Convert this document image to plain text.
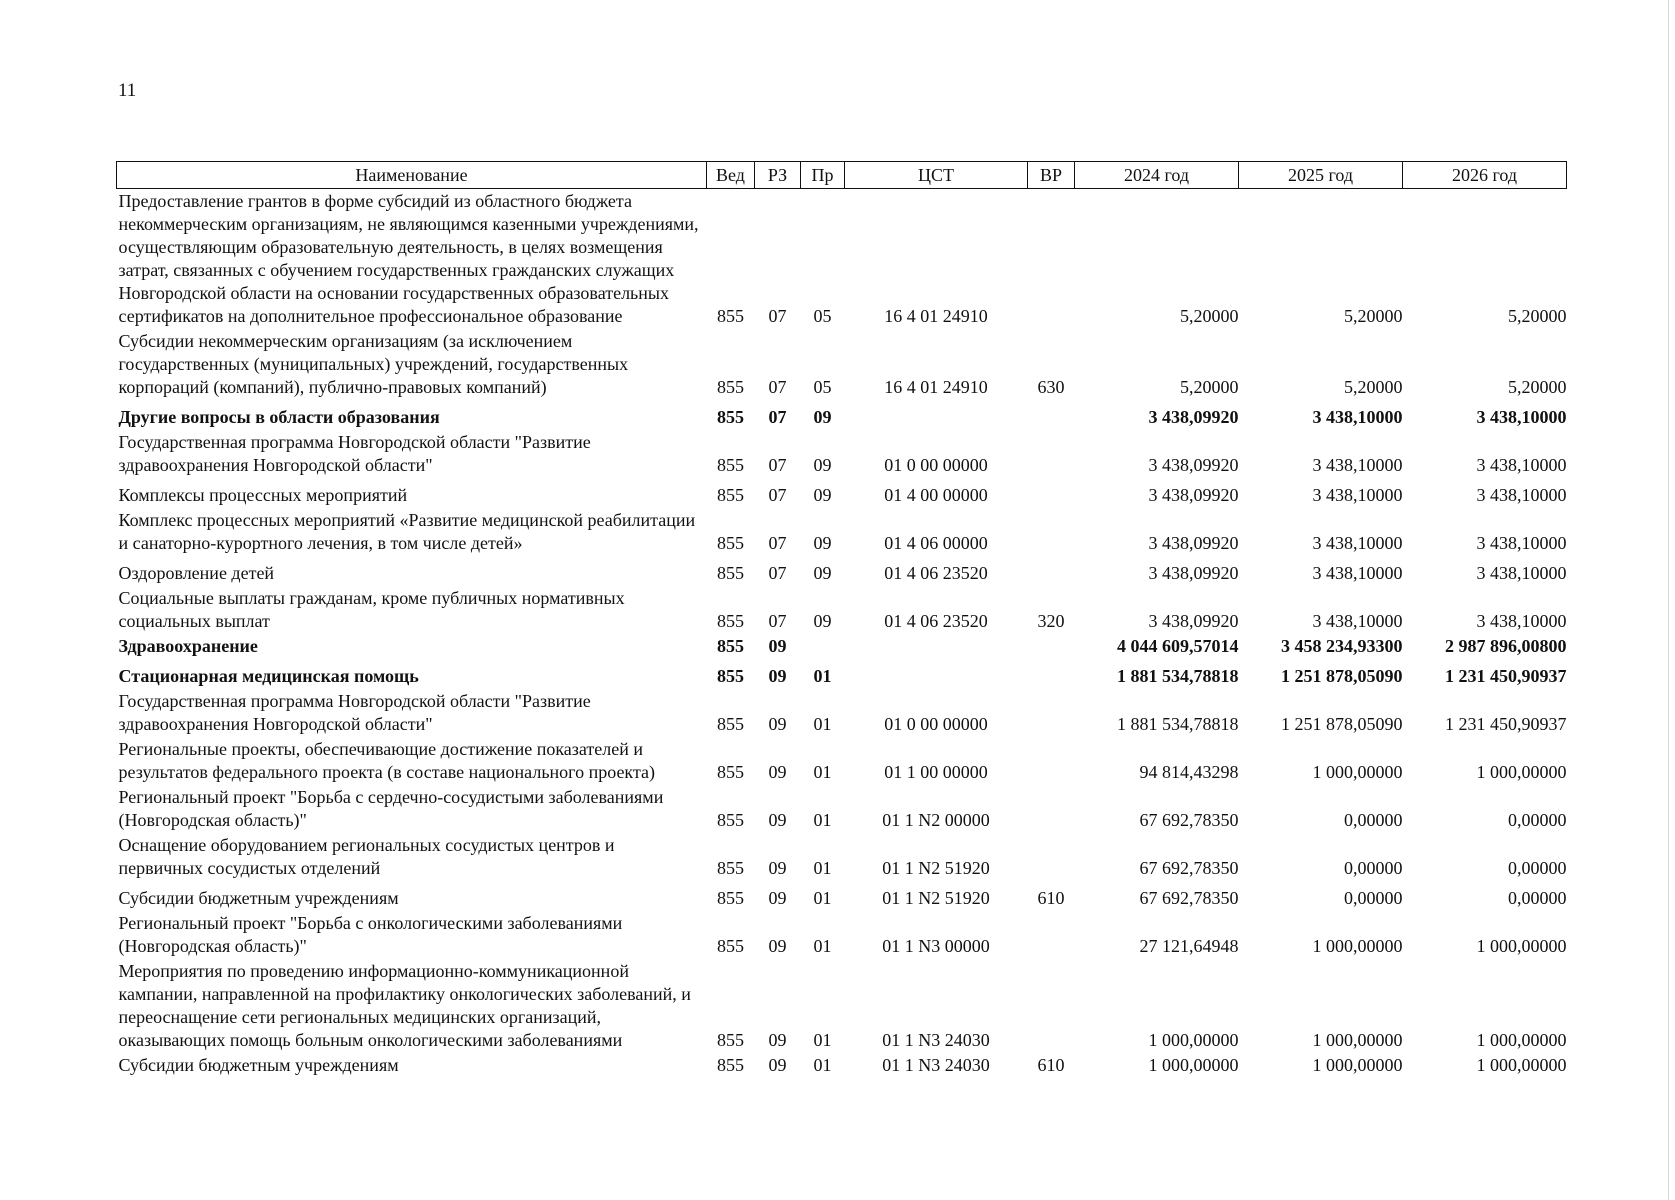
11
Наименование	Вед	РЗ	Пр	ЦСТ	ВР	2024 год	2025 год	2026 год
Предоставление грантов в форме субсидий из областного бюджета некоммерческим организациям, не являющимся казенными учреждениями, осуществляющим образовательную деятельность, в целях возмещения затрат, связанных с обучением государственных гражданских служащих Новгородской области на основании государственных образовательных сертификатов на дополнительное профессиональное образование	855	07	05	16 4 01 24910		5,20000	5,20000	5,20000
Субсидии некоммерческим организациям (за исключением государственных (муниципальных) учреждений, государственных корпораций (компаний), публично-правовых компаний)	855	07	05	16 4 01 24910	630	5,20000	5,20000	5,20000
Другие вопросы в области образования	855	07	09			3 438,09920	3 438,10000	3 438,10000
Государственная программа Новгородской области "Развитие здравоохранения Новгородской области"	855	07	09	01 0 00 00000		3 438,09920	3 438,10000	3 438,10000
Комплексы процессных мероприятий	855	07	09	01 4 00 00000		3 438,09920	3 438,10000	3 438,10000
Комплекс процессных мероприятий «Развитие медицинской реабилитации и санаторно-курортного лечения, в том числе детей»	855	07	09	01 4 06 00000		3 438,09920	3 438,10000	3 438,10000
Оздоровление детей	855	07	09	01 4 06 23520		3 438,09920	3 438,10000	3 438,10000
Социальные выплаты гражданам, кроме публичных нормативных социальных выплат	855	07	09	01 4 06 23520	320	3 438,09920	3 438,10000	3 438,10000
Здравоохранение	855	09				4 044 609,57014	3 458 234,93300	2 987 896,00800
Стационарная медицинская помощь	855	09	01			1 881 534,78818	1 251 878,05090	1 231 450,90937
Государственная программа Новгородской области "Развитие здравоохранения Новгородской области"	855	09	01	01 0 00 00000		1 881 534,78818	1 251 878,05090	1 231 450,90937
Региональные проекты, обеспечивающие достижение показателей и результатов федерального проекта (в составе национального проекта)	855	09	01	01 1 00 00000		94 814,43298	1 000,00000	1 000,00000
Региональный проект "Борьба с сердечно-сосудистыми заболеваниями (Новгородская область)"	855	09	01	01 1 N2 00000		67 692,78350	0,00000	0,00000
Оснащение оборудованием региональных сосудистых центров и первичных сосудистых отделений	855	09	01	01 1 N2 51920		67 692,78350	0,00000	0,00000
Субсидии бюджетным учреждениям	855	09	01	01 1 N2 51920	610	67 692,78350	0,00000	0,00000
Региональный проект "Борьба с онкологическими заболеваниями (Новгородская область)"	855	09	01	01 1 N3 00000		27 121,64948	1 000,00000	1 000,00000
Мероприятия по проведению информационно-коммуникационной кампании, направленной на профилактику онкологических заболеваний, и переоснащение сети региональных медицинских организаций, оказывающих помощь больным онкологическими заболеваниями	855	09	01	01 1 N3 24030		1 000,00000	1 000,00000	1 000,00000
Субсидии бюджетным учреждениям	855	09	01	01 1 N3 24030	610	1 000,00000	1 000,00000	1 000,00000
